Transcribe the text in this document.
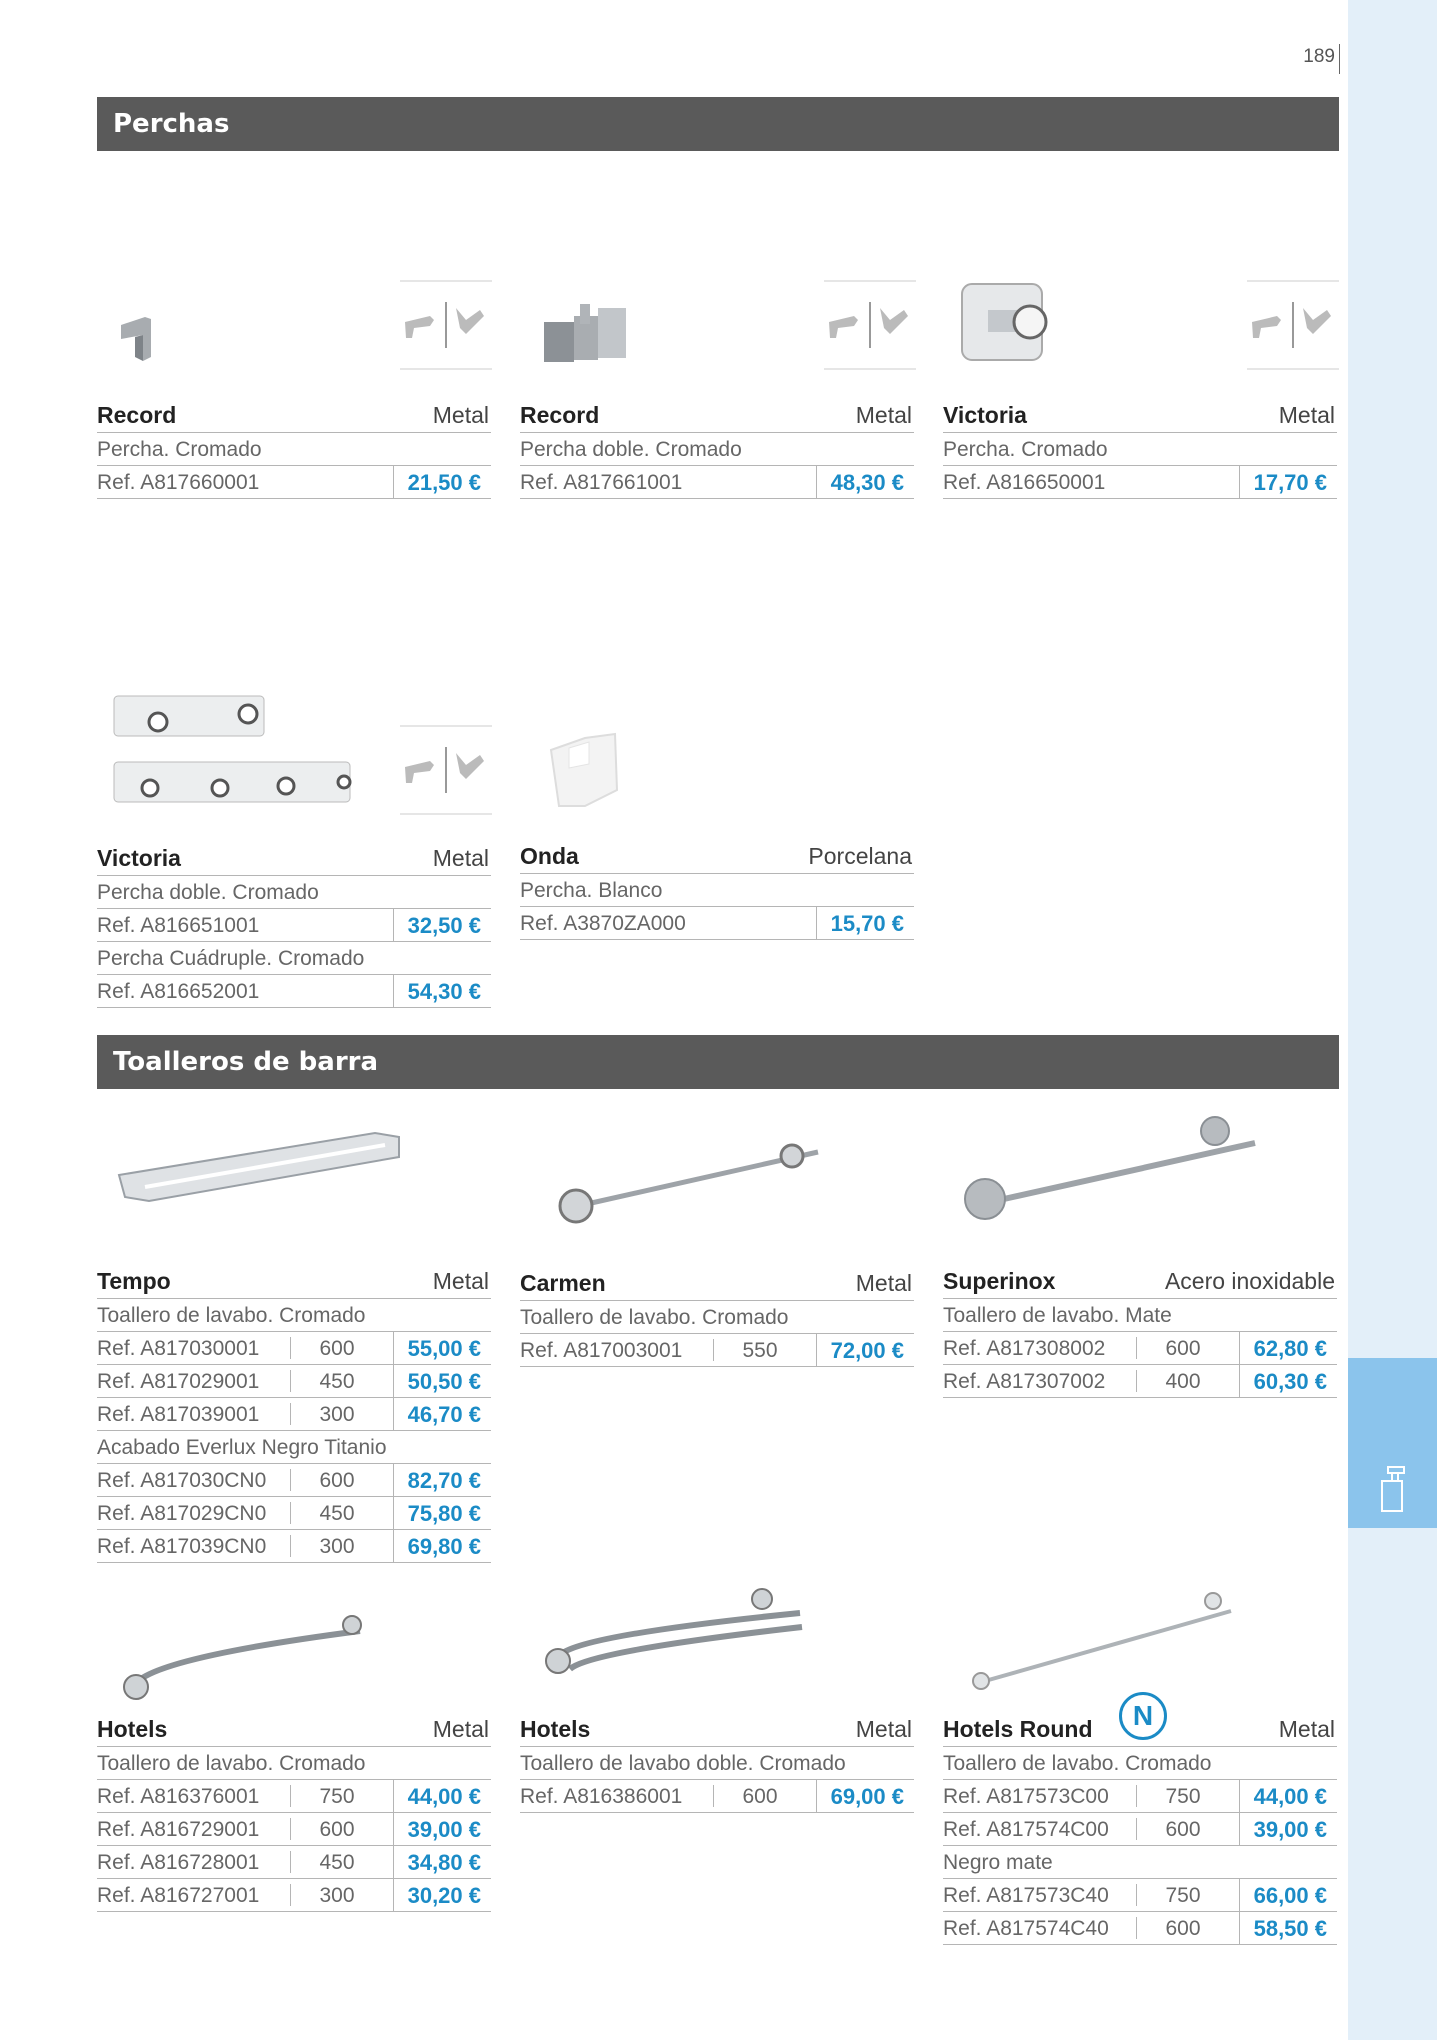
189
Perchas
Toalleros de barra
Record	Metal
Percha. Cromado
Ref. A817660001	21,50 €
Record	Metal
Percha doble. Cromado
Ref. A817661001	48,30 €
Victoria	Metal
Percha. Cromado
Ref. A816650001	17,70 €
Victoria	Metal
Percha doble. Cromado
Ref. A816651001	32,50 €
Percha Cuádruple. Cromado
Ref. A816652001	54,30 €
Onda	Porcelana
Percha. Blanco
Ref. A3870ZA000	15,70 €
Tempo	Metal
Toallero de lavabo. Cromado
Ref. A817030001	600	55,00 €
Ref. A817029001	450	50,50 €
Ref. A817039001	300	46,70 €
Acabado Everlux Negro Titanio
Ref. A817030CN0	600	82,70 €
Ref. A817029CN0	450	75,80 €
Ref. A817039CN0	300	69,80 €
Carmen	Metal
Toallero de lavabo. Cromado
Ref. A817003001	550	72,00 €
Superinox	Acero inoxidable
Toallero de lavabo. Mate
Ref. A817308002	600	62,80 €
Ref. A817307002	400	60,30 €
Hotels	Metal
Toallero de lavabo. Cromado
Ref. A816376001	750	44,00 €
Ref. A816729001	600	39,00 €
Ref. A816728001	450	34,80 €
Ref. A816727001	300	30,20 €
Hotels	Metal
Toallero de lavabo doble. Cromado
Ref. A816386001	600	69,00 €
Hotels Round	Metal
N
Toallero de lavabo. Cromado
Ref. A817573C00	750	44,00 €
Ref. A817574C00	600	39,00 €
Negro mate
Ref. A817573C40	750	66,00 €
Ref. A817574C40	600	58,50 €
